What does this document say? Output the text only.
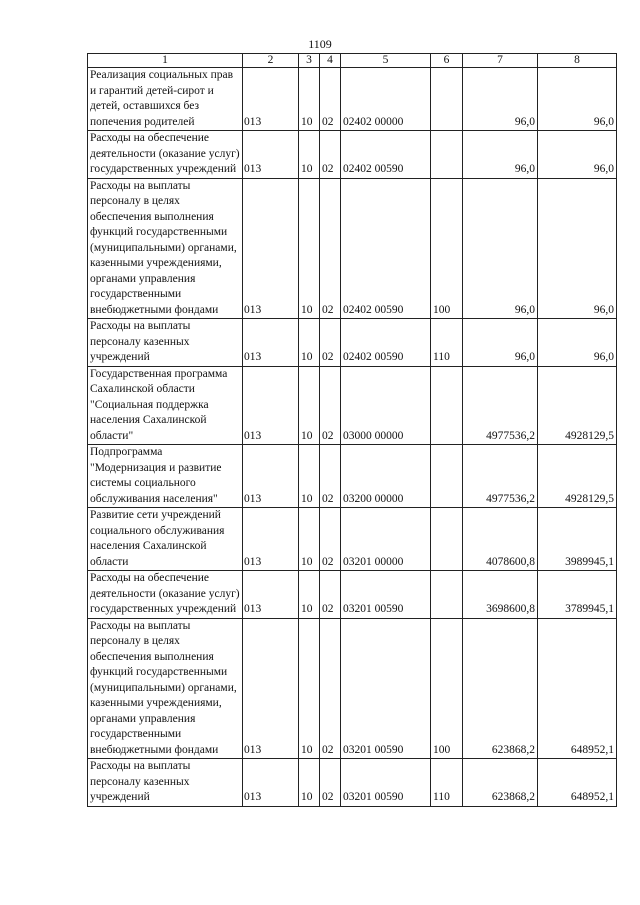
1109
1	2	3	4	5	6	7	8
Реализация социальных прав и гарантий детей-сирот и детей, оставшихся без попечения родителей	013	10	02	02402 00000		96,0	96,0
Расходы на обеспечение деятельности (оказание услуг) государственных учреждений	013	10	02	02402 00590		96,0	96,0
Расходы на выплаты персоналу в целях обеспечения выполнения функций государственными (муниципальными) органами, казенными учреждениями, органами управления государственными внебюджетными фондами	013	10	02	02402 00590	100	96,0	96,0
Расходы на выплаты персоналу казенных учреждений	013	10	02	02402 00590	110	96,0	96,0
Государственная программа Сахалинской области "Социальная поддержка населения Сахалинской области"	013	10	02	03000 00000		4977536,2	4928129,5
Подпрограмма "Модернизация и развитие системы социального обслуживания населения"	013	10	02	03200 00000		4977536,2	4928129,5
Развитие сети учреждений социального обслуживания населения Сахалинской области	013	10	02	03201 00000		4078600,8	3989945,1
Расходы на обеспечение деятельности (оказание услуг) государственных учреждений	013	10	02	03201 00590		3698600,8	3789945,1
Расходы на выплаты персоналу в целях обеспечения выполнения функций государственными (муниципальными) органами, казенными учреждениями, органами управления государственными внебюджетными фондами	013	10	02	03201 00590	100	623868,2	648952,1
Расходы на выплаты персоналу казенных учреждений	013	10	02	03201 00590	110	623868,2	648952,1
